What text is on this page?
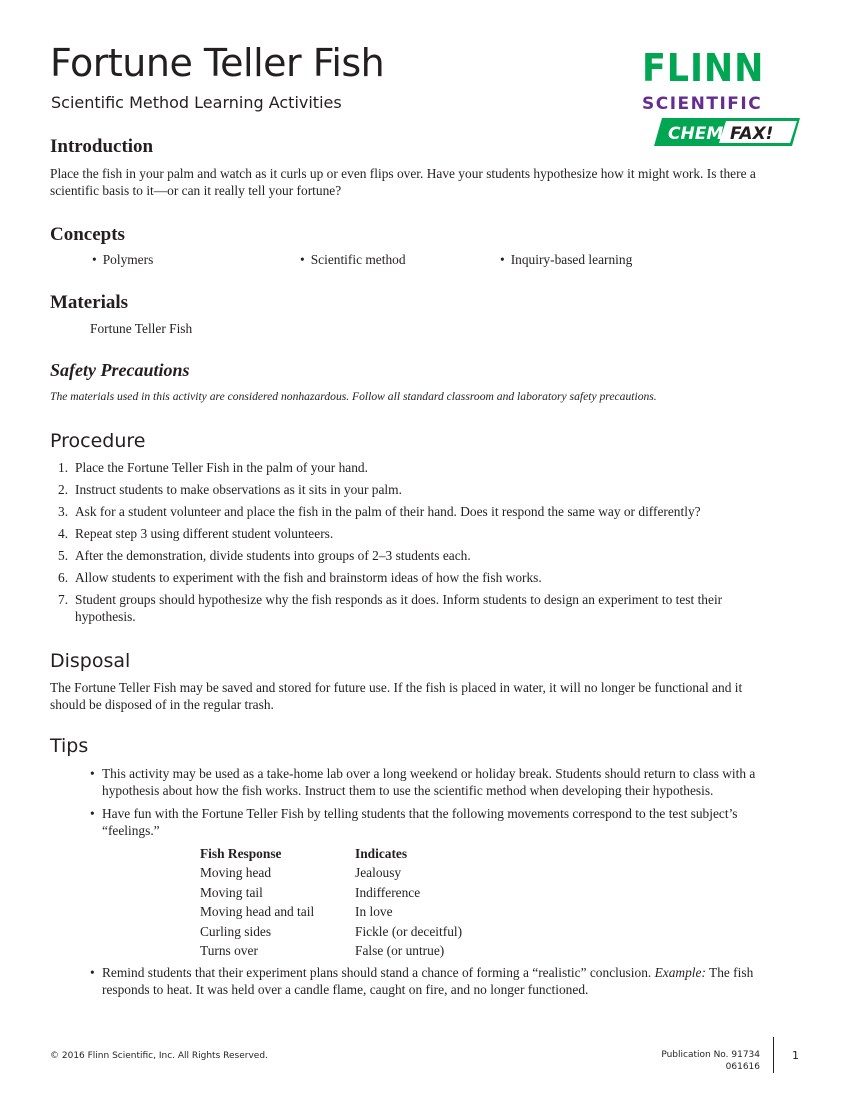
Fortune Teller Fish
Scientific Method Learning Activities
FLINN
SCIENTIFIC
CHEM FAX!
Introduction
Place the fish in your palm and watch as it curls up or even flips over. Have your students hypothesize how it might work. Is there a scientific basis to it—or can it really tell your fortune?
Concepts
• Polymers	• Scientific method	• Inquiry-based learning
Materials
Fortune Teller Fish
Safety Precautions
The materials used in this activity are considered nonhazardous. Follow all standard classroom and laboratory safety precautions.
Procedure
1. Place the Fortune Teller Fish in the palm of your hand.
2. Instruct students to make observations as it sits in your palm.
3. Ask for a student volunteer and place the fish in the palm of their hand. Does it respond the same way or differently?
4. Repeat step 3 using different student volunteers.
5. After the demonstration, divide students into groups of 2–3 students each.
6. Allow students to experiment with the fish and brainstorm ideas of how the fish works.
7. Student groups should hypothesize why the fish responds as it does. Inform students to design an experiment to test their hypothesis.
Disposal
The Fortune Teller Fish may be saved and stored for future use. If the fish is placed in water, it will no longer be functional and it should be disposed of in the regular trash.
Tips
• This activity may be used as a take-home lab over a long weekend or holiday break. Students should return to class with a hypothesis about how the fish works. Instruct them to use the scientific method when developing their hypothesis.
• Have fun with the Fortune Teller Fish by telling students that the following movements correspond to the test subject’s “feelings.”
Fish Response	Indicates
Moving head	Jealousy
Moving tail	Indifference
Moving head and tail	In love
Curling sides	Fickle (or deceitful)
Turns over	False (or untrue)
• Remind students that their experiment plans should stand a chance of forming a “realistic” conclusion. Example: The fish responds to heat. It was held over a candle flame, caught on fire, and no longer functioned.
© 2016 Flinn Scientific, Inc. All Rights Reserved.	Publication No. 91734
061616
1
